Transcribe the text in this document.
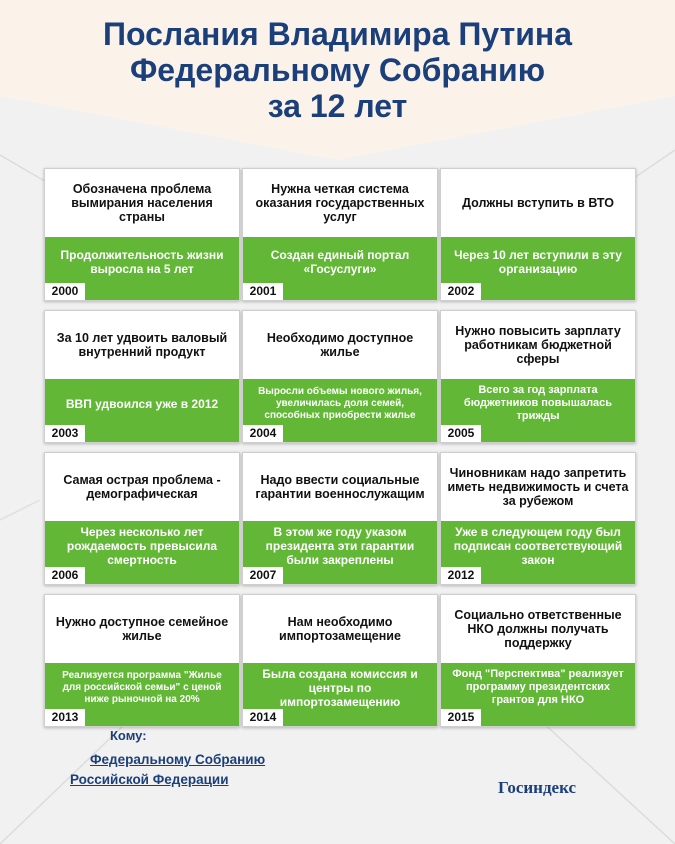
Послания Владимира Путина
Федеральному Собранию
за 12 лет
Обозначена проблема вымирания населения страны
Продолжительность жизни выросла на 5 лет
2000
Нужна четкая система оказания государственных услуг
Создан единый портал «Госуслуги»
2001
Должны вступить в ВТО
Через 10 лет вступили в эту организацию
2002
За 10 лет удвоить валовый внутренний продукт
ВВП удвоился уже в 2012
2003
Необходимо доступное жилье
Выросли объемы нового жилья, увеличилась доля семей, способных приобрести жилье
2004
Нужно повысить зарплату работникам бюджетной сферы
Всего за год зарплата бюджетников повышалась трижды
2005
Самая острая проблема - демографическая
Через несколько лет рождаемость превысила смертность
2006
Надо ввести социальные гарантии военнослужащим
В этом же году указом президента эти гарантии были закреплены
2007
Чиновникам надо запретить иметь недвижимость и счета за рубежом
Уже в следующем году был подписан соответствующий закон
2012
Нужно доступное семейное жилье
Реализуется программа "Жилье для российской семьи" с ценой ниже рыночной на 20%
2013
Нам необходимо импортозамещение
Была создана комиссия и центры по импортозамещению
2014
Социально ответственные НКО должны получать поддержку
Фонд "Перспектива" реализует программу президентских грантов для НКО
2015
Кому:
Федеральному Собранию
Российской Федерации	Госиндекс
